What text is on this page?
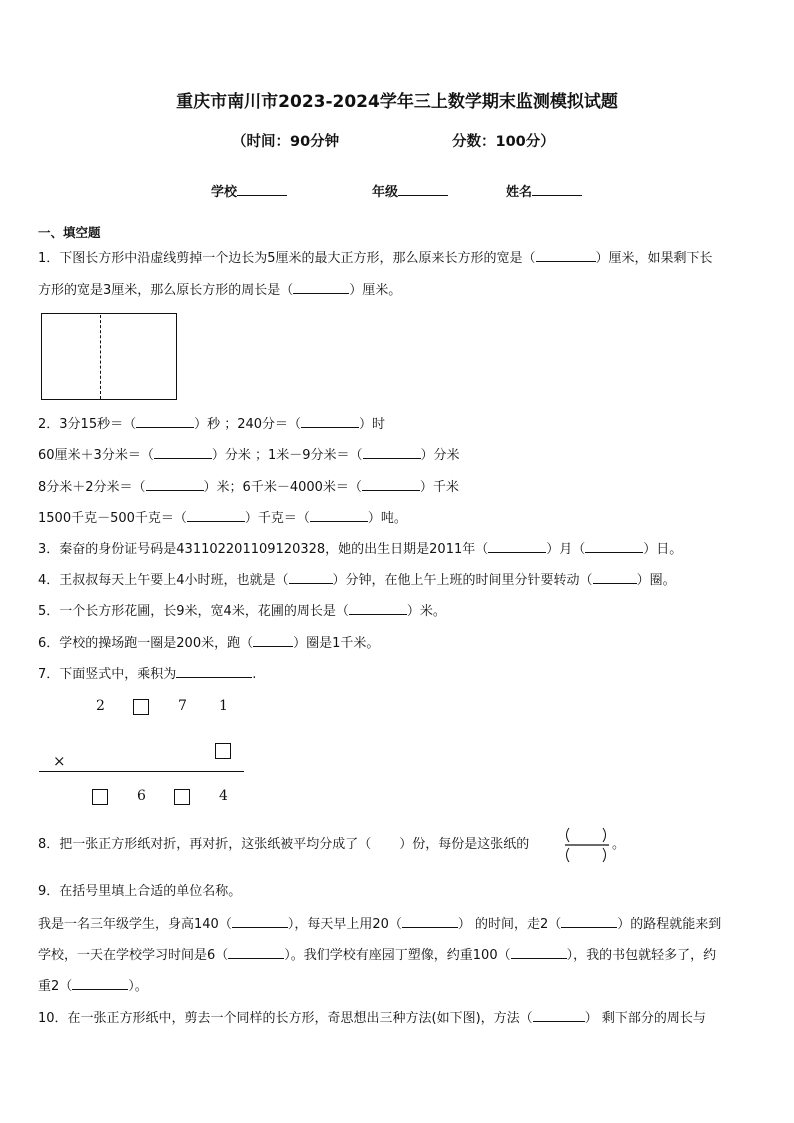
重庆市南川市2023-2024学年三上数学期末监测模拟试题
（时间：90分钟	分数：100分）
学校	年级	姓名
一、填空题
1．下图长方形中沿虚线剪掉一个边长为5厘米的最大正方形，那么原来长方形的宽是（	）厘米，如果剩下长
方形的宽是3厘米，那么原长方形的周长是（	）厘米。
2．3分15秒＝（	）秒 ；240分＝（	）时
60厘米＋3分米＝（	）分米 ；1米－9分米＝（	）分米
8分米＋2分米＝（	）米；6千米－4000米＝（	）千米
1500千克－500千克＝（	）千克＝（	）吨。
3．秦奋的身份证号码是431102201109120328，她的出生日期是2011年（	）月（	）日。
4．王叔叔每天上午要上4小时班，也就是（	）分钟，在他上午上班的时间里分针要转动（	）圈。
5．一个长方形花圃，长9米，宽4米，花圃的周长是（	）米。
6．学校的操场跑一圈是200米，跑（	）圈是1千米。
7．下面竖式中，乘积为	.
2	7 1
×
6	4
8．把一张正方形纸对折，再对折，这张纸被平均分成了（ ）份，每份是这张纸的	。
9．在括号里填上合适的单位名称。
我是一名三年级学生，身高140（	），每天早上用20（	） 的时间，走2（	）的路程就能来到
学校，一天在学校学习时间是6（	）。我们学校有座园丁塑像，约重100（	），我的书包就轻多了，约
重2（	）。
10．在一张正方形纸中，剪去一个同样的长方形，奇思想出三种方法(如下图)，方法（	） 剩下部分的周长与
